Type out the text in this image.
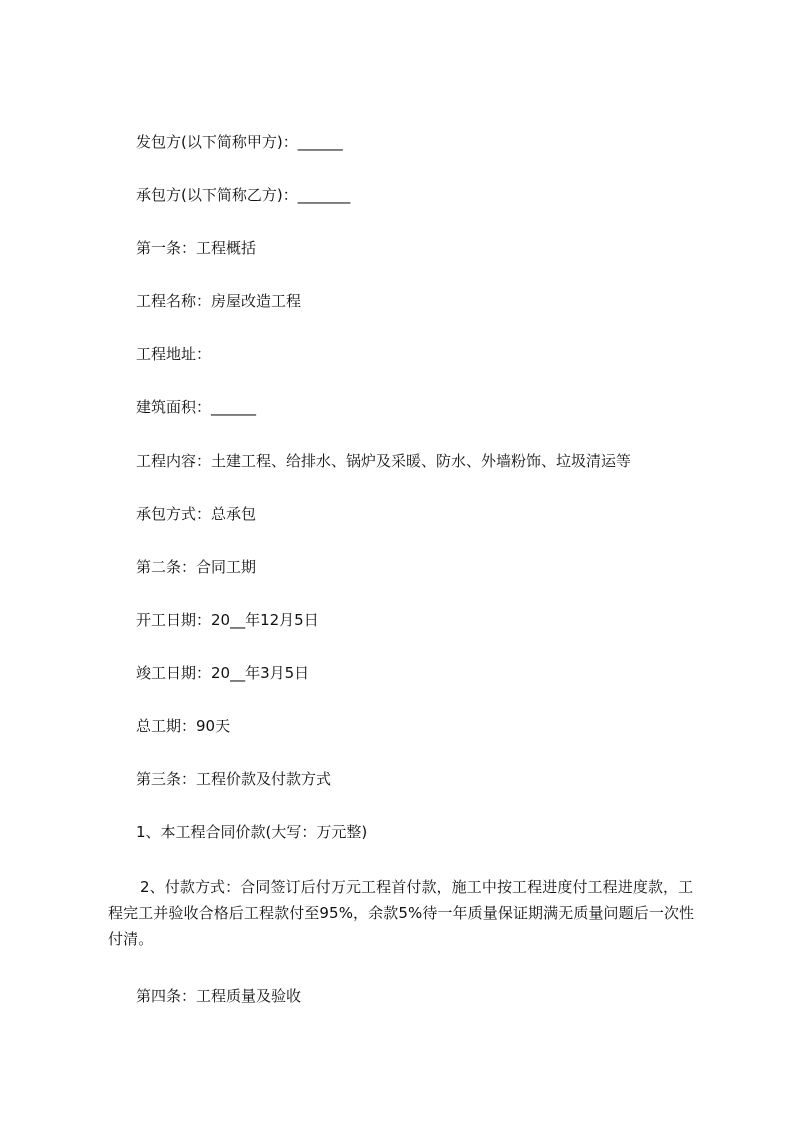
发包方(以下简称甲方)：______
承包方(以下简称乙方)：_______
第一条：工程概括
工程名称：房屋改造工程
工程地址：
建筑面积：______
工程内容：土建工程、给排水、锅炉及采暖、防水、外墙粉饰、垃圾清运等
承包方式：总承包
第二条：合同工期
开工日期：20__年12月5日
竣工日期：20__年3月5日
总工期：90天
第三条：工程价款及付款方式
1、本工程合同价款(大写：万元整)
2、付款方式：合同签订后付万元工程首付款，施工中按工程进度付工程进度款，工程完工并验收合格后工程款付至95%，余款5%待一年质量保证期满无质量问题后一次性付清。
第四条：工程质量及验收
